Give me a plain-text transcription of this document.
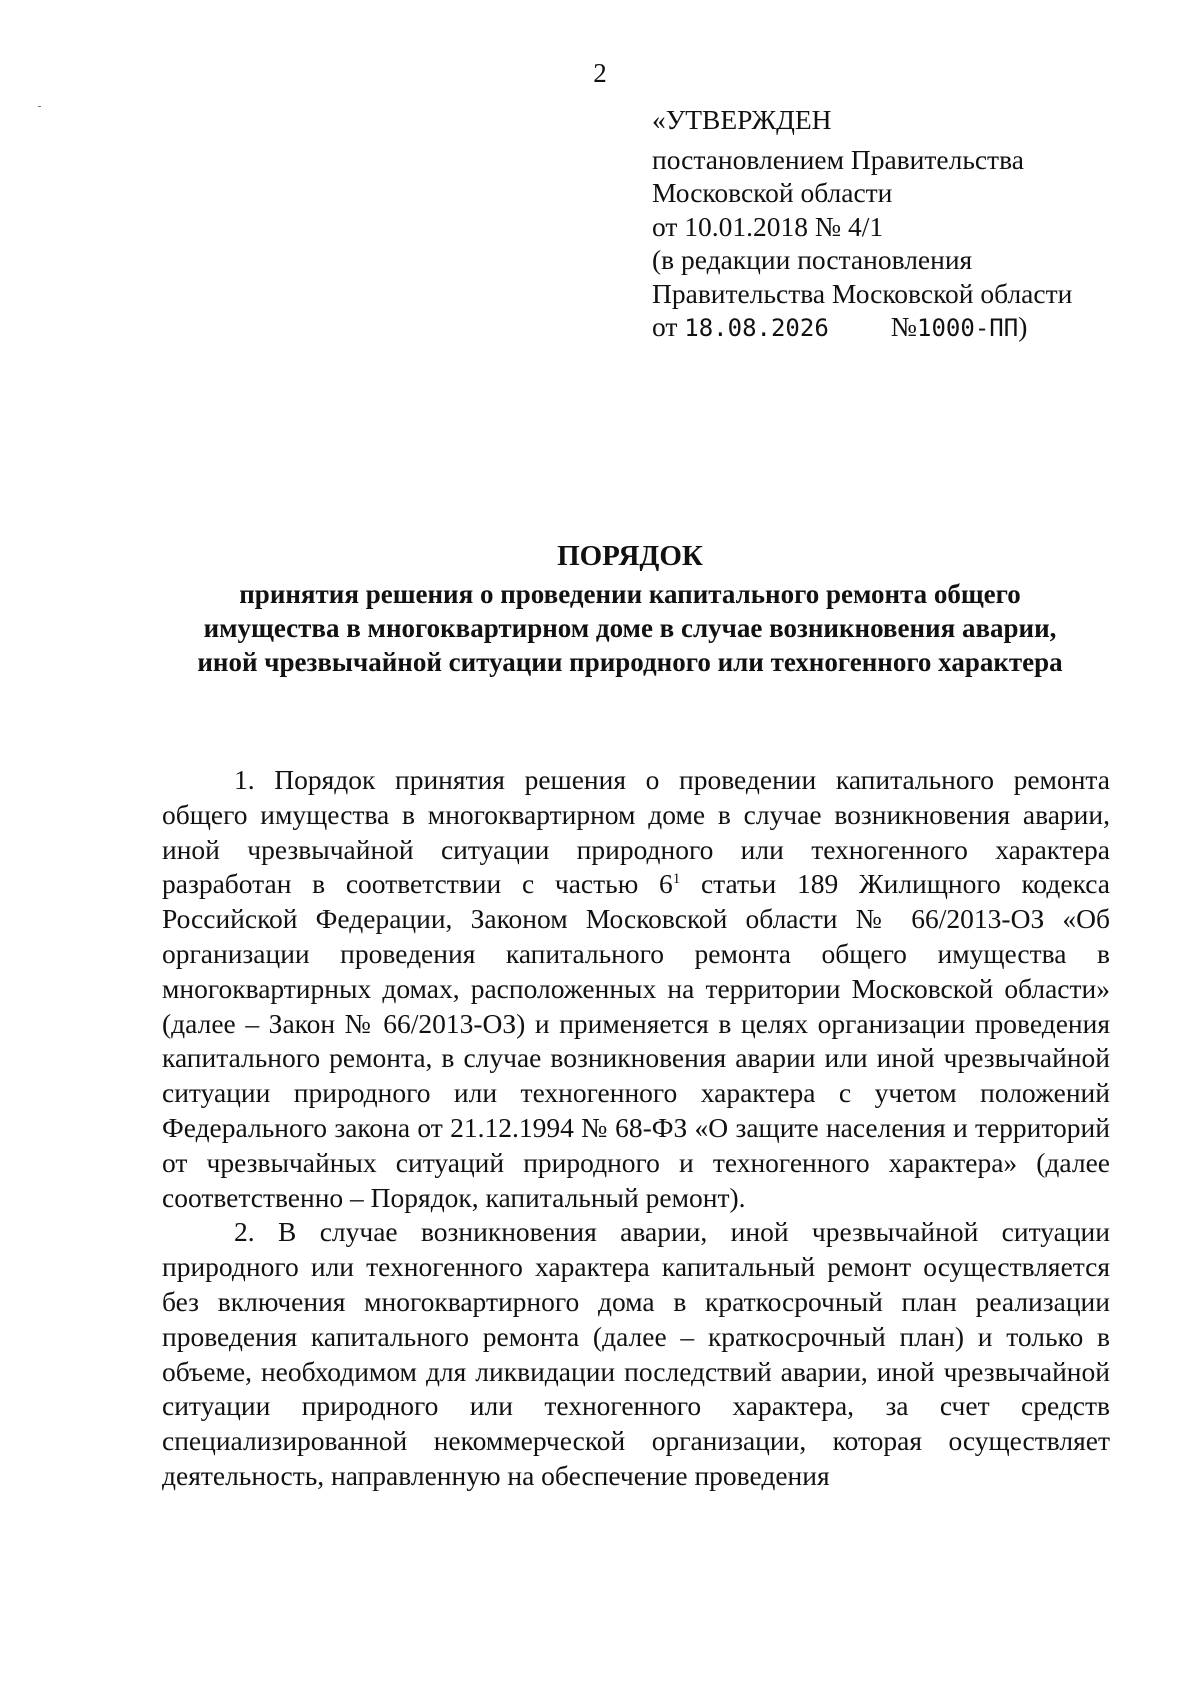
2
«УТВЕРЖДЕН
постановлением Правительства
Московской области
от 10.01.2018 № 4/1
(в редакции постановления
Правительства Московской области
от 18.08.2026 №1000-ПП)
ПОРЯДОК
принятия решения о проведении капитального ремонта общего
имущества в многоквартирном доме в случае возникновения аварии,
иной чрезвычайной ситуации природного или техногенного характера

1. Порядок принятия решения о проведении капитального ремонта общего имущества в многоквартирном доме в случае возникновения аварии, иной чрезвычайной ситуации природного или техногенного характера разработан в соответствии с частью $6^1$ статьи 189 Жилищного кодекса Российской Федерации, Законом Московской области № 66/2013-ОЗ «Об организации проведения капитального ремонта общего имущества в многоквартирных домах, расположенных на территории Московской области» (далее – Закон № 66/2013-ОЗ) и применяется в целях организации проведения капитального ремонта, в случае возникновения аварии или иной чрезвычайной ситуации природного или техногенного характера с учетом положений Федерального закона от 21.12.1994 № 68-ФЗ «О защите населения и территорий от чрезвычайных ситуаций природного и техногенного характера» (далее соответственно – Порядок, капитальный ремонт).

2. В случае возникновения аварии, иной чрезвычайной ситуации природного или техногенного характера капитальный ремонт осуществляется без включения многоквартирного дома в краткосрочный план реализации проведения капитального ремонта (далее – краткосрочный план) и только в объеме, необходимом для ликвидации последствий аварии, иной чрезвычайной ситуации природного или техногенного характера, за счет средств специализированной некоммерческой организации, которая осуществляет деятельность, направленную на обеспечение проведения
